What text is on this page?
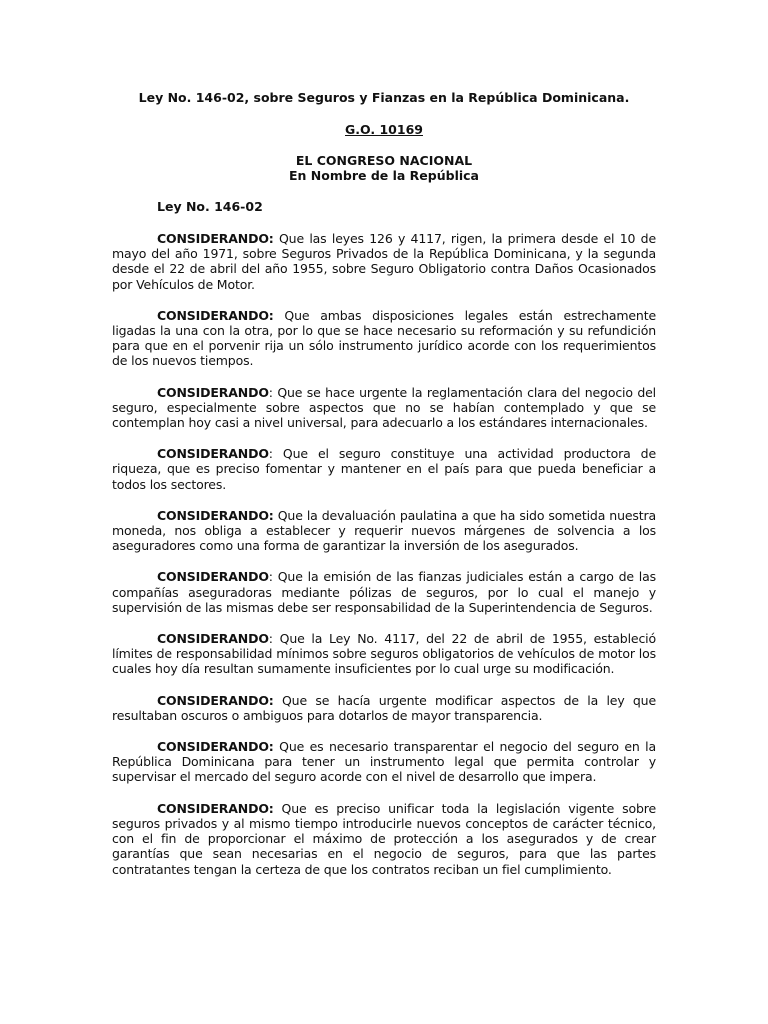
Ley No. 146-02, sobre Seguros y Fianzas en la República Dominicana.

G.O. 10169
EL CONGRESO NACIONAL
En Nombre de la República
Ley No. 146-02

CONSIDERANDO: Que las leyes 126 y 4117, rigen, la primera desde el 10 de mayo del año 1971, sobre Seguros Privados de la República Dominicana, y la segunda desde el 22 de abril del año 1955, sobre Seguro Obligatorio contra Daños Ocasionados por Vehículos de Motor.

CONSIDERANDO: Que ambas disposiciones legales están estrechamente ligadas la una con la otra, por lo que se hace necesario su reformación y su refundición para que en el porvenir rija un sólo instrumento jurídico acorde con los requerimientos de los nuevos tiempos.

CONSIDERANDO: Que se hace urgente la reglamentación clara del negocio del seguro, especialmente sobre aspectos que no se habían contemplado y que se contemplan hoy casi a nivel universal, para adecuarlo a los estándares internacionales.

CONSIDERANDO: Que el seguro constituye una actividad productora de riqueza, que es preciso fomentar y mantener en el país para que pueda beneficiar a todos los sectores.

CONSIDERANDO: Que la devaluación paulatina a que ha sido sometida nuestra moneda, nos obliga a establecer y requerir nuevos márgenes de solvencia a los aseguradores como una forma de garantizar la inversión de los asegurados.

CONSIDERANDO: Que la emisión de las fianzas judiciales están a cargo de las compañías aseguradoras mediante pólizas de seguros, por lo cual el manejo y supervisión de las mismas debe ser responsabilidad de la Superintendencia de Seguros.

CONSIDERANDO: Que la Ley No. 4117, del 22 de abril de 1955, estableció límites de responsabilidad mínimos sobre seguros obligatorios de vehículos de motor los cuales hoy día resultan sumamente insuficientes por lo cual urge su modificación.

CONSIDERANDO: Que se hacía urgente modificar aspectos de la ley que resultaban oscuros o ambiguos para dotarlos de mayor transparencia.

CONSIDERANDO: Que es necesario transparentar el negocio del seguro en la República Dominicana para tener un instrumento legal que permita controlar y supervisar el mercado del seguro acorde con el nivel de desarrollo que impera.

CONSIDERANDO: Que es preciso unificar toda la legislación vigente sobre seguros privados y al mismo tiempo introducirle nuevos conceptos de carácter técnico, con el fin de proporcionar el máximo de protección a los asegurados y de crear garantías que sean necesarias en el negocio de seguros, para que las partes contratantes tengan la certeza de que los contratos reciban un fiel cumplimiento.
